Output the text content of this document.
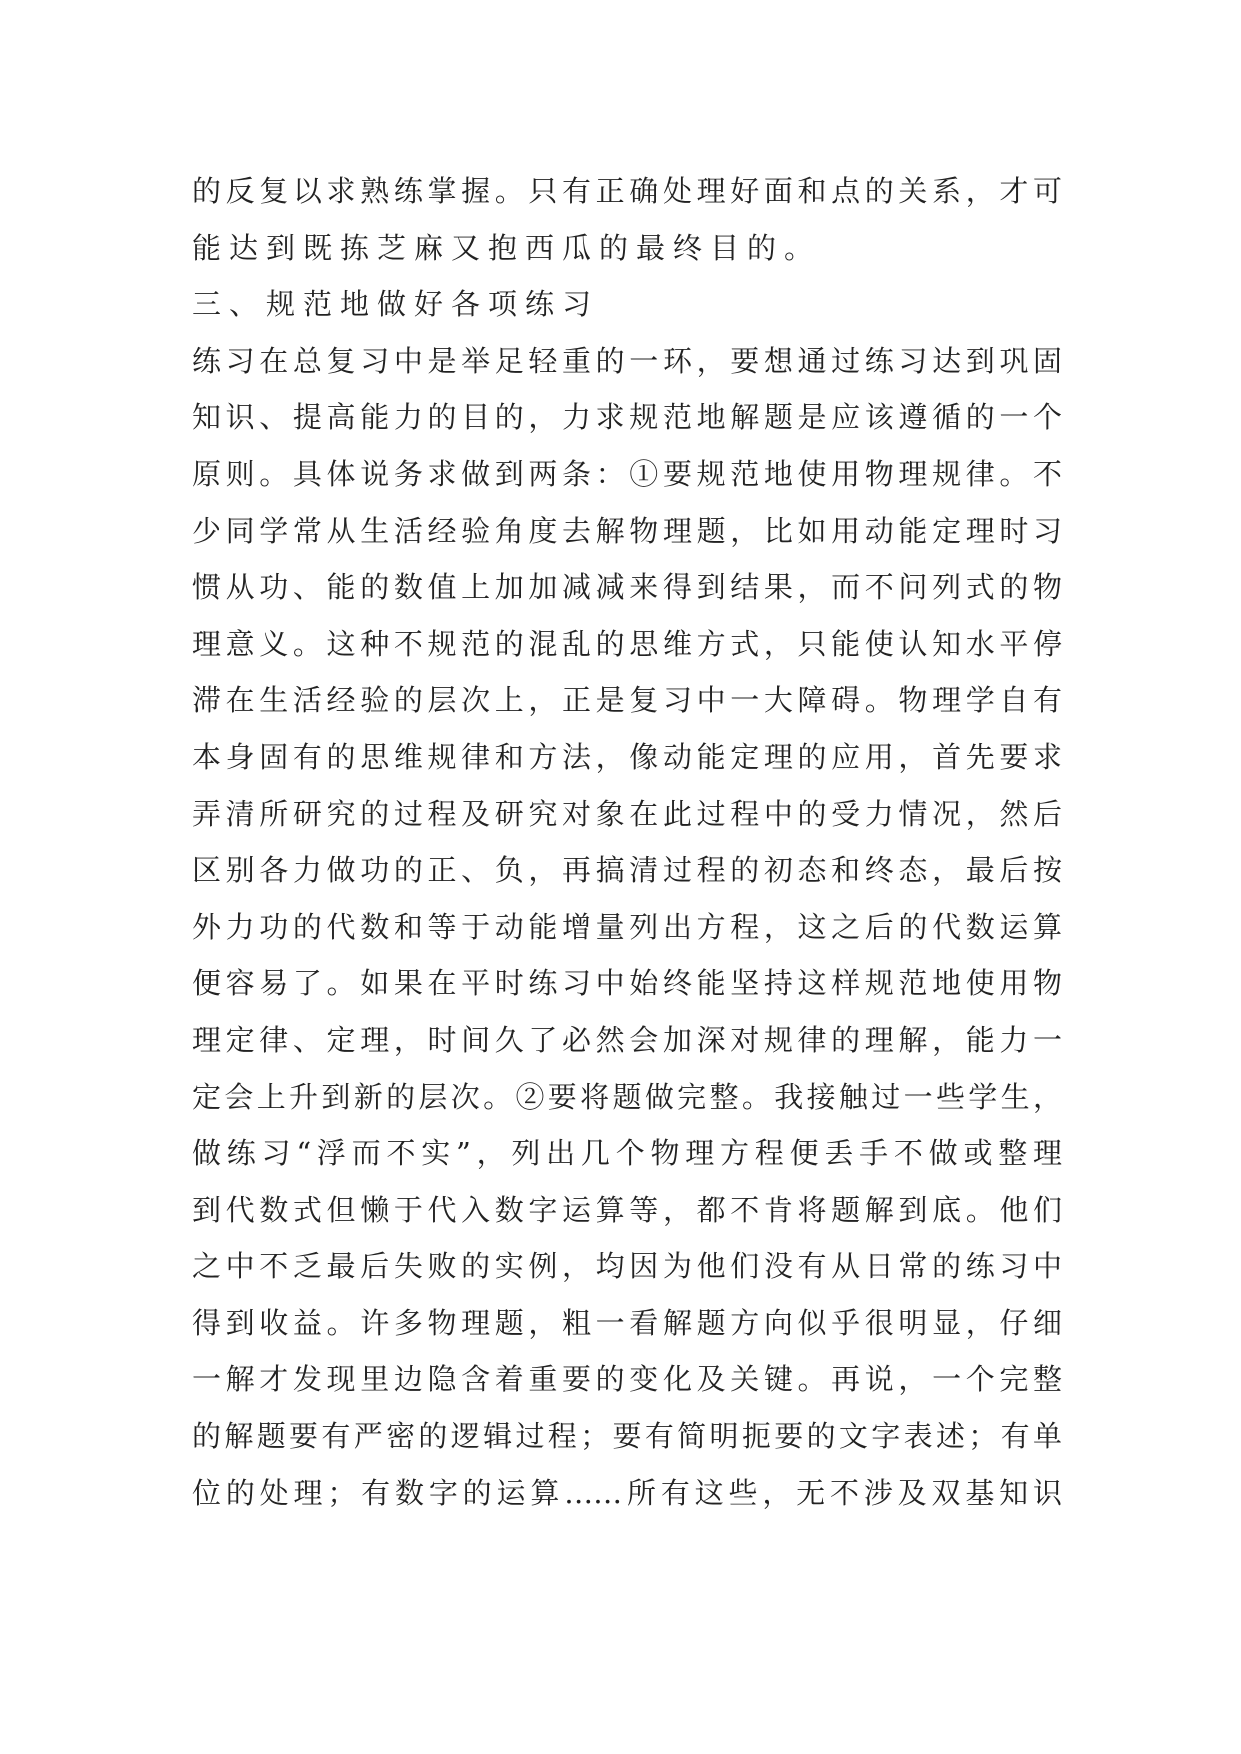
的反复以求熟练掌握。只有正确处理好面和点的关系，才可
能达到既拣芝麻又抱西瓜的最终目的。
三、规范地做好各项练习
练习在总复习中是举足轻重的一环，要想通过练习达到巩固
知识、提高能力的目的，力求规范地解题是应该遵循的一个
原则。具体说务求做到两条：①要规范地使用物理规律。不
少同学常从生活经验角度去解物理题，比如用动能定理时习
惯从功、能的数值上加加减减来得到结果，而不问列式的物
理意义。这种不规范的混乱的思维方式，只能使认知水平停
滞在生活经验的层次上，正是复习中一大障碍。物理学自有
本身固有的思维规律和方法，像动能定理的应用，首先要求
弄清所研究的过程及研究对象在此过程中的受力情况，然后
区别各力做功的正、负，再搞清过程的初态和终态，最后按
外力功的代数和等于动能增量列出方程，这之后的代数运算
便容易了。如果在平时练习中始终能坚持这样规范地使用物
理定律、定理，时间久了必然会加深对规律的理解，能力一
定会上升到新的层次。②要将题做完整。我接触过一些学生，
做练习“浮而不实”，列出几个物理方程便丢手不做或整理
到代数式但懒于代入数字运算等，都不肯将题解到底。他们
之中不乏最后失败的实例，均因为他们没有从日常的练习中
得到收益。许多物理题，粗一看解题方向似乎很明显，仔细
一解才发现里边隐含着重要的变化及关键。再说，一个完整
的解题要有严密的逻辑过程；要有简明扼要的文字表述；有单
位的处理；有数字的运算……所有这些，无不涉及双基知识
